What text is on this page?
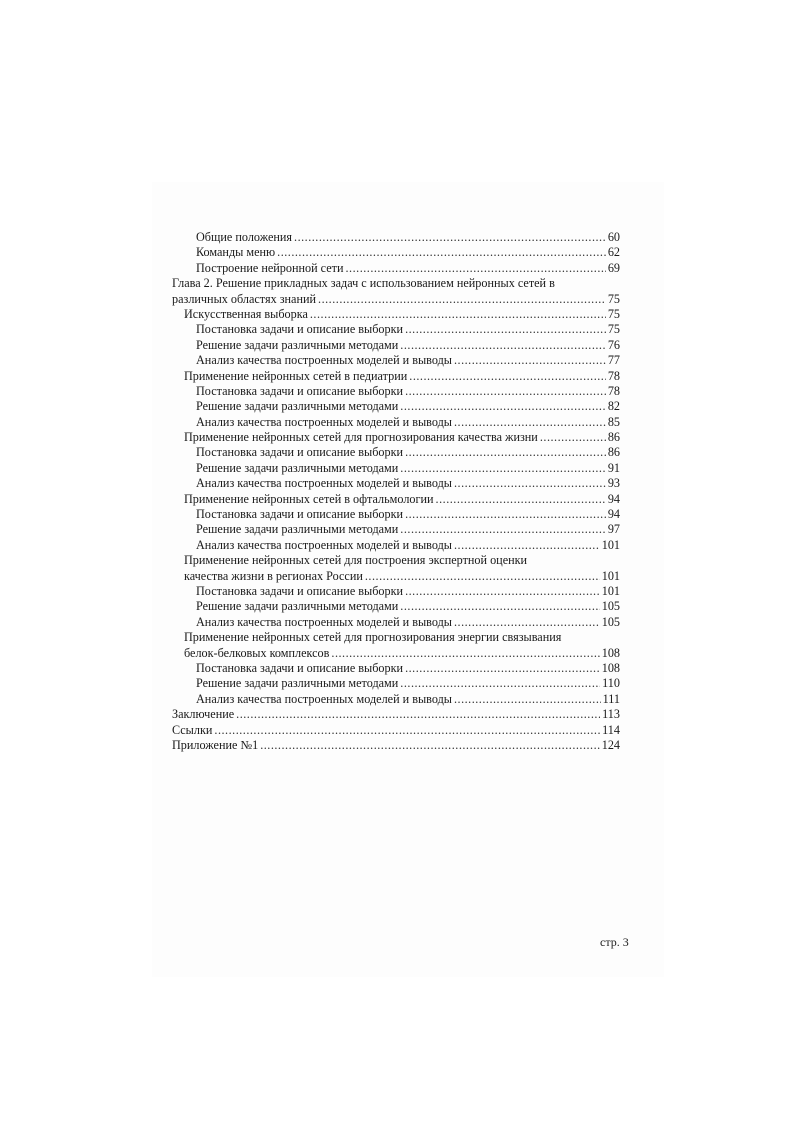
Общие положения .....	60
Команды меню .....	62
Построение нейронной сети .....	69
Глава 2. Решение прикладных задач с использованием нейронных сетей в
различных областях знаний .....	75
Искусственная выборка .....	75
Постановка задачи и описание выборки .....	75
Решение задачи различными методами .....	76
Анализ качества построенных моделей и выводы .....	77
Применение нейронных сетей в педиатрии .....	78
Постановка задачи и описание выборки .....	78
Решение задачи различными методами .....	82
Анализ качества построенных моделей и выводы .....	85
Применение нейронных сетей для прогнозирования качества жизни .....	86
Постановка задачи и описание выборки .....	86
Решение задачи различными методами .....	91
Анализ качества построенных моделей и выводы .....	93
Применение нейронных сетей в офтальмологии .....	94
Постановка задачи и описание выборки .....	94
Решение задачи различными методами .....	97
Анализ качества построенных моделей и выводы .....	101
Применение нейронных сетей для построения экспертной оценки
качества жизни в регионах России .....	101
Постановка задачи и описание выборки .....	101
Решение задачи различными методами .....	105
Анализ качества построенных моделей и выводы .....	105
Применение нейронных сетей для прогнозирования энергии связывания
белок-белковых комплексов .....	108
Постановка задачи и описание выборки .....	108
Решение задачи различными методами .....	110
Анализ качества построенных моделей и выводы .....	111
Заключение .....	113
Ссылки .....	114
Приложение №1 .....	124
стр. 3
